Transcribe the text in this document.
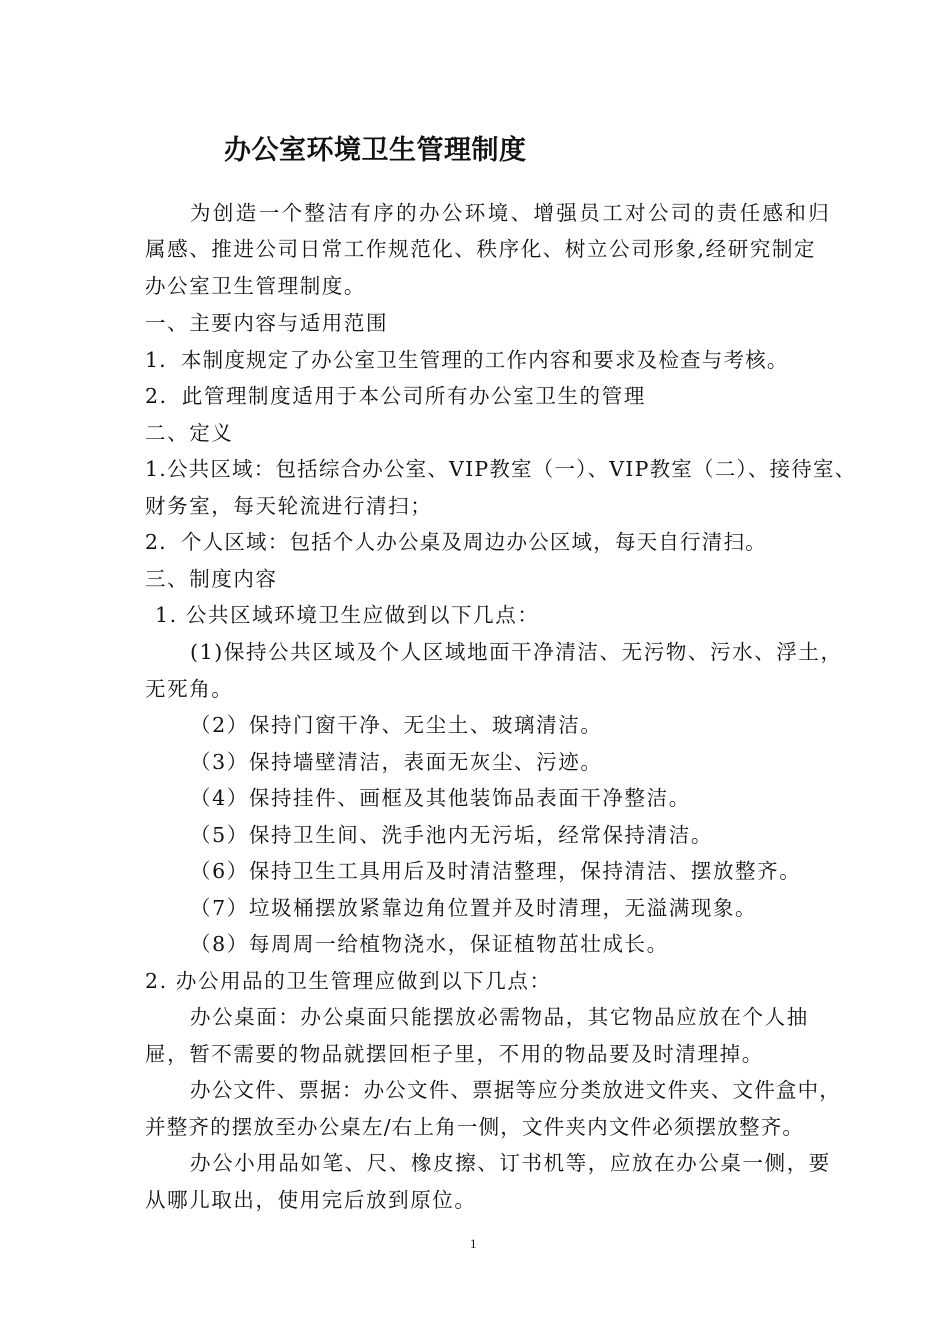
办公室环境卫生管理制度
为创造一个整洁有序的办公环境、增强员工对公司的责任感和归
属感、推进公司日常工作规范化、秩序化、树立公司形象,经研究制定
办公室卫生管理制度。
一、主要内容与适用范围
1．本制度规定了办公室卫生管理的工作内容和要求及检查与考核。
2．此管理制度适用于本公司所有办公室卫生的管理
二、定义
1.公共区域：包括综合办公室、VIP教室（一）、VIP教室（二）、接待室、
财务室，每天轮流进行清扫；
2．个人区域：包括个人办公桌及周边办公区域，每天自行清扫。
三、制度内容
1. 公共区域环境卫生应做到以下几点：
(1)保持公共区域及个人区域地面干净清洁、无污物、污水、浮土，
无死角。
（2）保持门窗干净、无尘土、玻璃清洁。
（3）保持墙壁清洁，表面无灰尘、污迹。
（4）保持挂件、画框及其他装饰品表面干净整洁。
（5）保持卫生间、洗手池内无污垢，经常保持清洁。
（6）保持卫生工具用后及时清洁整理，保持清洁、摆放整齐。
（7）垃圾桶摆放紧靠边角位置并及时清理，无溢满现象。
（8）每周周一给植物浇水，保证植物茁壮成长。
2. 办公用品的卫生管理应做到以下几点：
办公桌面：办公桌面只能摆放必需物品，其它物品应放在个人抽
屉，暂不需要的物品就摆回柜子里，不用的物品要及时清理掉。
办公文件、票据：办公文件、票据等应分类放进文件夹、文件盒中，
并整齐的摆放至办公桌左/右上角一侧，文件夹内文件必须摆放整齐。
办公小用品如笔、尺、橡皮擦、订书机等，应放在办公桌一侧，要
从哪儿取出，使用完后放到原位。
1
